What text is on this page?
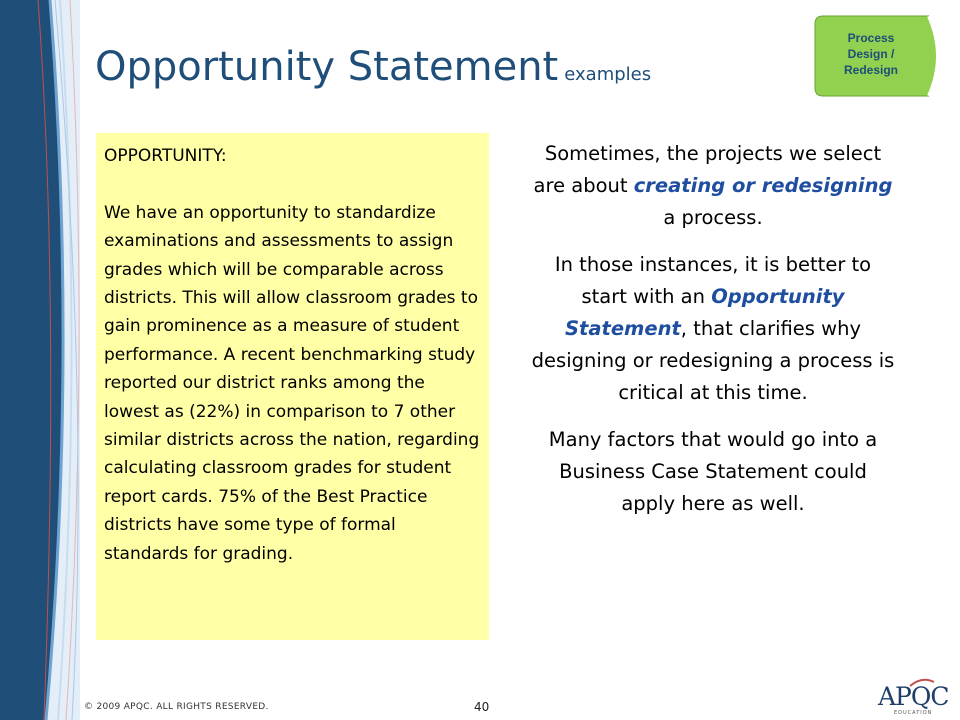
Opportunity Statement examples
Process
Design /
Redesign
OPPORTUNITY:
We have an opportunity to standardize examinations and assessments to assign grades which will be comparable across districts. This will allow classroom grades to gain prominence as a measure of student performance. A recent benchmarking study reported our district ranks among the lowest as (22%) in comparison to 7 other similar districts across the nation, regarding calculating classroom grades for student report cards. 75% of the Best Practice districts have some type of formal standards for grading.

Sometimes, the projects we select are about creating or redesigning a process.

In those instances, it is better to start with an Opportunity Statement, that clarifies why designing or redesigning a process is critical at this time.

Many factors that would go into a Business Case Statement could apply here as well.

© 2009 APQC. ALL RIGHTS RESERVED.	40	APQC
EDUCATION
